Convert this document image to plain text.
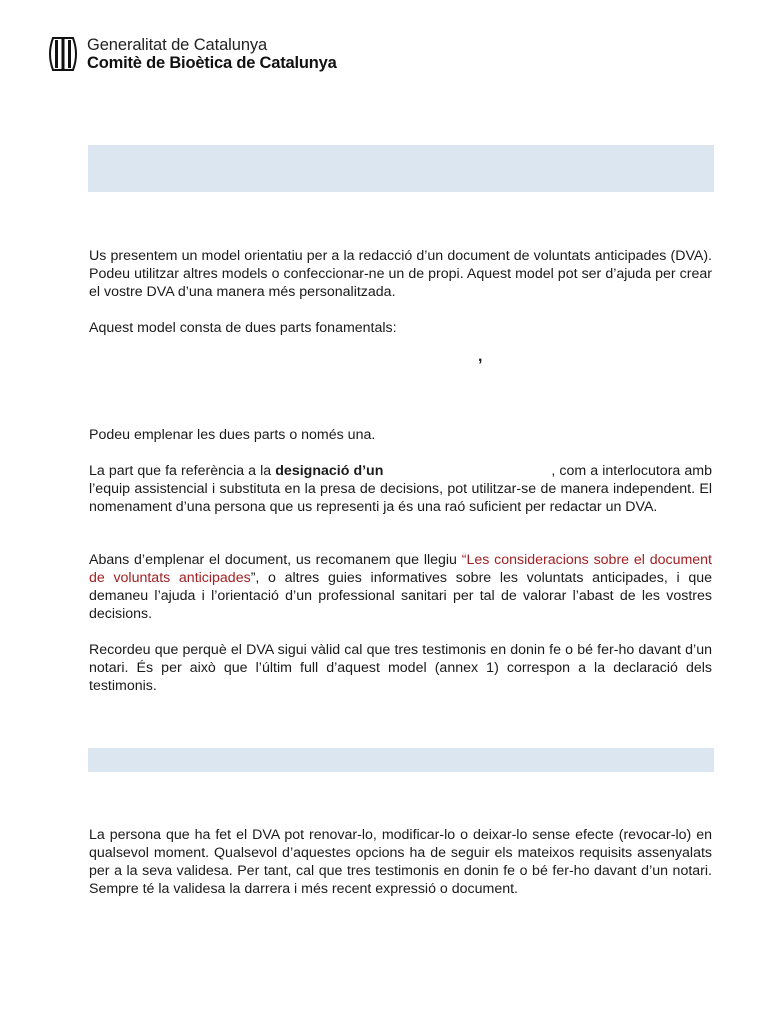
Generalitat de Catalunya
Comitè de Bioètica de Catalunya

Us presentem un model orientatiu per a la redacció d’un document de voluntats anticipades (DVA). Podeu utilitzar altres models o confeccionar-ne un de propi. Aquest model pot ser d’ajuda per crear el vostre DVA d’una manera més personalitzada.

Aquest model consta de dues parts fonamentals:

,

Podeu emplenar les dues parts o només una.

La part que fa referència a la designació d’un	, com a interlocutora amb l’equip assistencial i substituta en la presa de decisions, pot utilitzar-se de manera independent. El nomenament d’una persona que us representi ja és una raó suficient per redactar un DVA.

Abans d’emplenar el document, us recomanem que llegiu “Les consideracions sobre el document de voluntats anticipades”, o altres guies informatives sobre les voluntats anticipades, i que demaneu l’ajuda i l’orientació d’un professional sanitari per tal de valorar l’abast de les vostres decisions.

Recordeu que perquè el DVA sigui vàlid cal que tres testimonis en donin fe o bé fer-ho davant d’un notari. És per això que l’últim full d’aquest model (annex 1) correspon a la declaració dels testimonis.

La persona que ha fet el DVA pot renovar-lo, modificar-lo o deixar-lo sense efecte (revocar-lo) en qualsevol moment. Qualsevol d’aquestes opcions ha de seguir els mateixos requisits assenyalats per a la seva validesa. Per tant, cal que tres testimonis en donin fe o bé fer-ho davant d’un notari. Sempre té la validesa la darrera i més recent expressió o document.
